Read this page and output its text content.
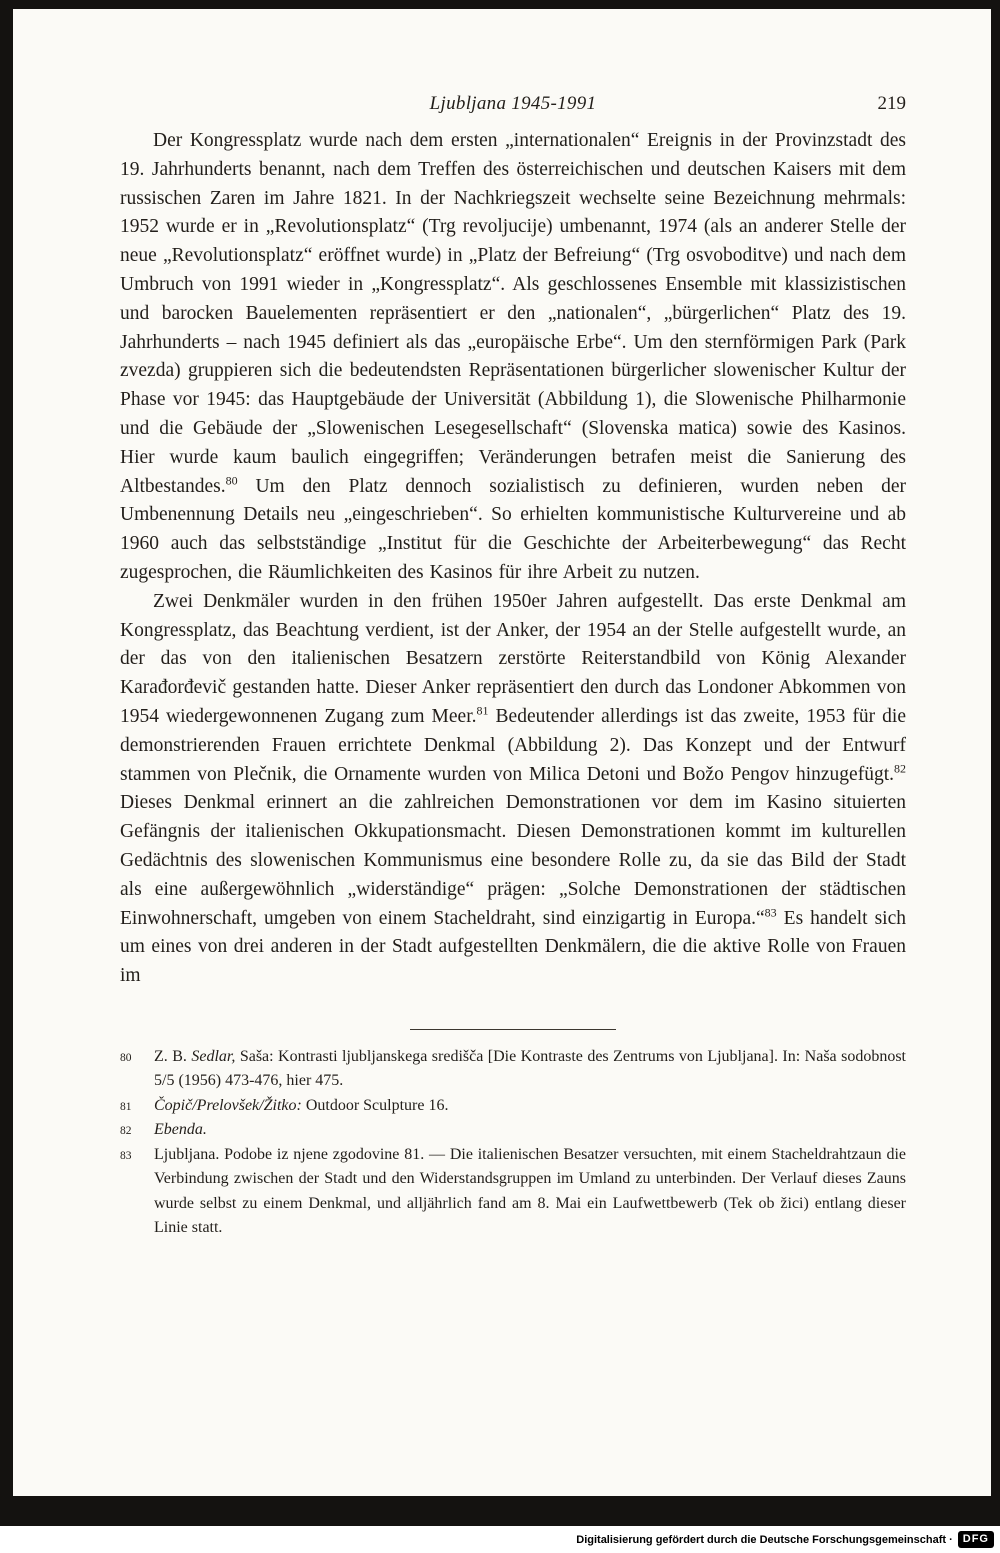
Ljubljana 1945-1991	219

Der Kongressplatz wurde nach dem ersten „internationalen“ Ereignis in der Provinzstadt des 19. Jahrhunderts benannt, nach dem Treffen des österreichischen und deutschen Kaisers mit dem russischen Zaren im Jahre 1821. In der Nachkriegszeit wechselte seine Bezeichnung mehrmals: 1952 wurde er in „Revolutionsplatz“ (Trg revoljucije) umbenannt, 1974 (als an anderer Stelle der neue „Revolutionsplatz“ eröffnet wurde) in „Platz der Befreiung“ (Trg osvoboditve) und nach dem Umbruch von 1991 wieder in „Kongressplatz“. Als geschlossenes Ensemble mit klassizistischen und barocken Bauelementen repräsentiert er den „nationalen“, „bürgerlichen“ Platz des 19. Jahrhunderts – nach 1945 definiert als das „europäische Erbe“. Um den sternförmigen Park (Park zvezda) gruppieren sich die bedeutendsten Repräsentationen bürgerlicher slowenischer Kultur der Phase vor 1945: das Hauptgebäude der Universität (Abbildung 1), die Slowenische Philharmonie und die Gebäude der „Slowenischen Lesegesellschaft“ (Slovenska matica) sowie des Kasinos. Hier wurde kaum baulich eingegriffen; Veränderungen betrafen meist die Sanierung des Altbestandes.$^{80}$ Um den Platz dennoch sozialistisch zu definieren, wurden neben der Umbenennung Details neu „eingeschrieben“. So erhielten kommunistische Kulturvereine und ab 1960 auch das selbstständige „Institut für die Geschichte der Arbeiterbewegung“ das Recht zugesprochen, die Räumlichkeiten des Kasinos für ihre Arbeit zu nutzen.

Zwei Denkmäler wurden in den frühen 1950er Jahren aufgestellt. Das erste Denkmal am Kongressplatz, das Beachtung verdient, ist der Anker, der 1954 an der Stelle aufgestellt wurde, an der das von den italienischen Besatzern zerstörte Reiterstandbild von König Alexander Karađorđevič gestanden hatte. Dieser Anker repräsentiert den durch das Londoner Abkommen von 1954 wiedergewonnenen Zugang zum Meer.$^{81}$ Bedeutender allerdings ist das zweite, 1953 für die demonstrierenden Frauen errichtete Denkmal (Abbildung 2). Das Konzept und der Entwurf stammen von Plečnik, die Ornamente wurden von Milica Detoni und Božo Pengov hinzugefügt.$^{82}$ Dieses Denkmal erinnert an die zahlreichen Demonstrationen vor dem im Kasino situierten Gefängnis der italienischen Okkupationsmacht. Diesen Demonstrationen kommt im kulturellen Gedächtnis des slowenischen Kommunismus eine besondere Rolle zu, da sie das Bild der Stadt als eine außergewöhnlich „widerständige“ prägen: „Solche Demonstrationen der städtischen Einwohnerschaft, umgeben von einem Stacheldraht, sind einzigartig in Europa.“$^{83}$ Es handelt sich um eines von drei anderen in der Stadt aufgestellten Denkmälern, die die aktive Rolle von Frauen im

80 Z. B. Sedlar, Saša: Kontrasti ljubljanskega središča [Die Kontraste des Zentrums von Ljubljana]. In: Naša sodobnost 5/5 (1956) 473-476, hier 475.
81 Čopič/Prelovšek/Žitko: Outdoor Sculpture 16.
82 Ebenda.
83 Ljubljana. Podobe iz njene zgodovine 81. — Die italienischen Besatzer versuchten, mit einem Stacheldrahtzaun die Verbindung zwischen der Stadt und den Widerstandsgruppen im Umland zu unterbinden. Der Verlauf dieses Zauns wurde selbst zu einem Denkmal, und alljährlich fand am 8. Mai ein Laufwettbewerb (Tek ob žici) entlang dieser Linie statt.
Digitalisierung gefördert durch die Deutsche Forschungsgemeinschaft · DFG
